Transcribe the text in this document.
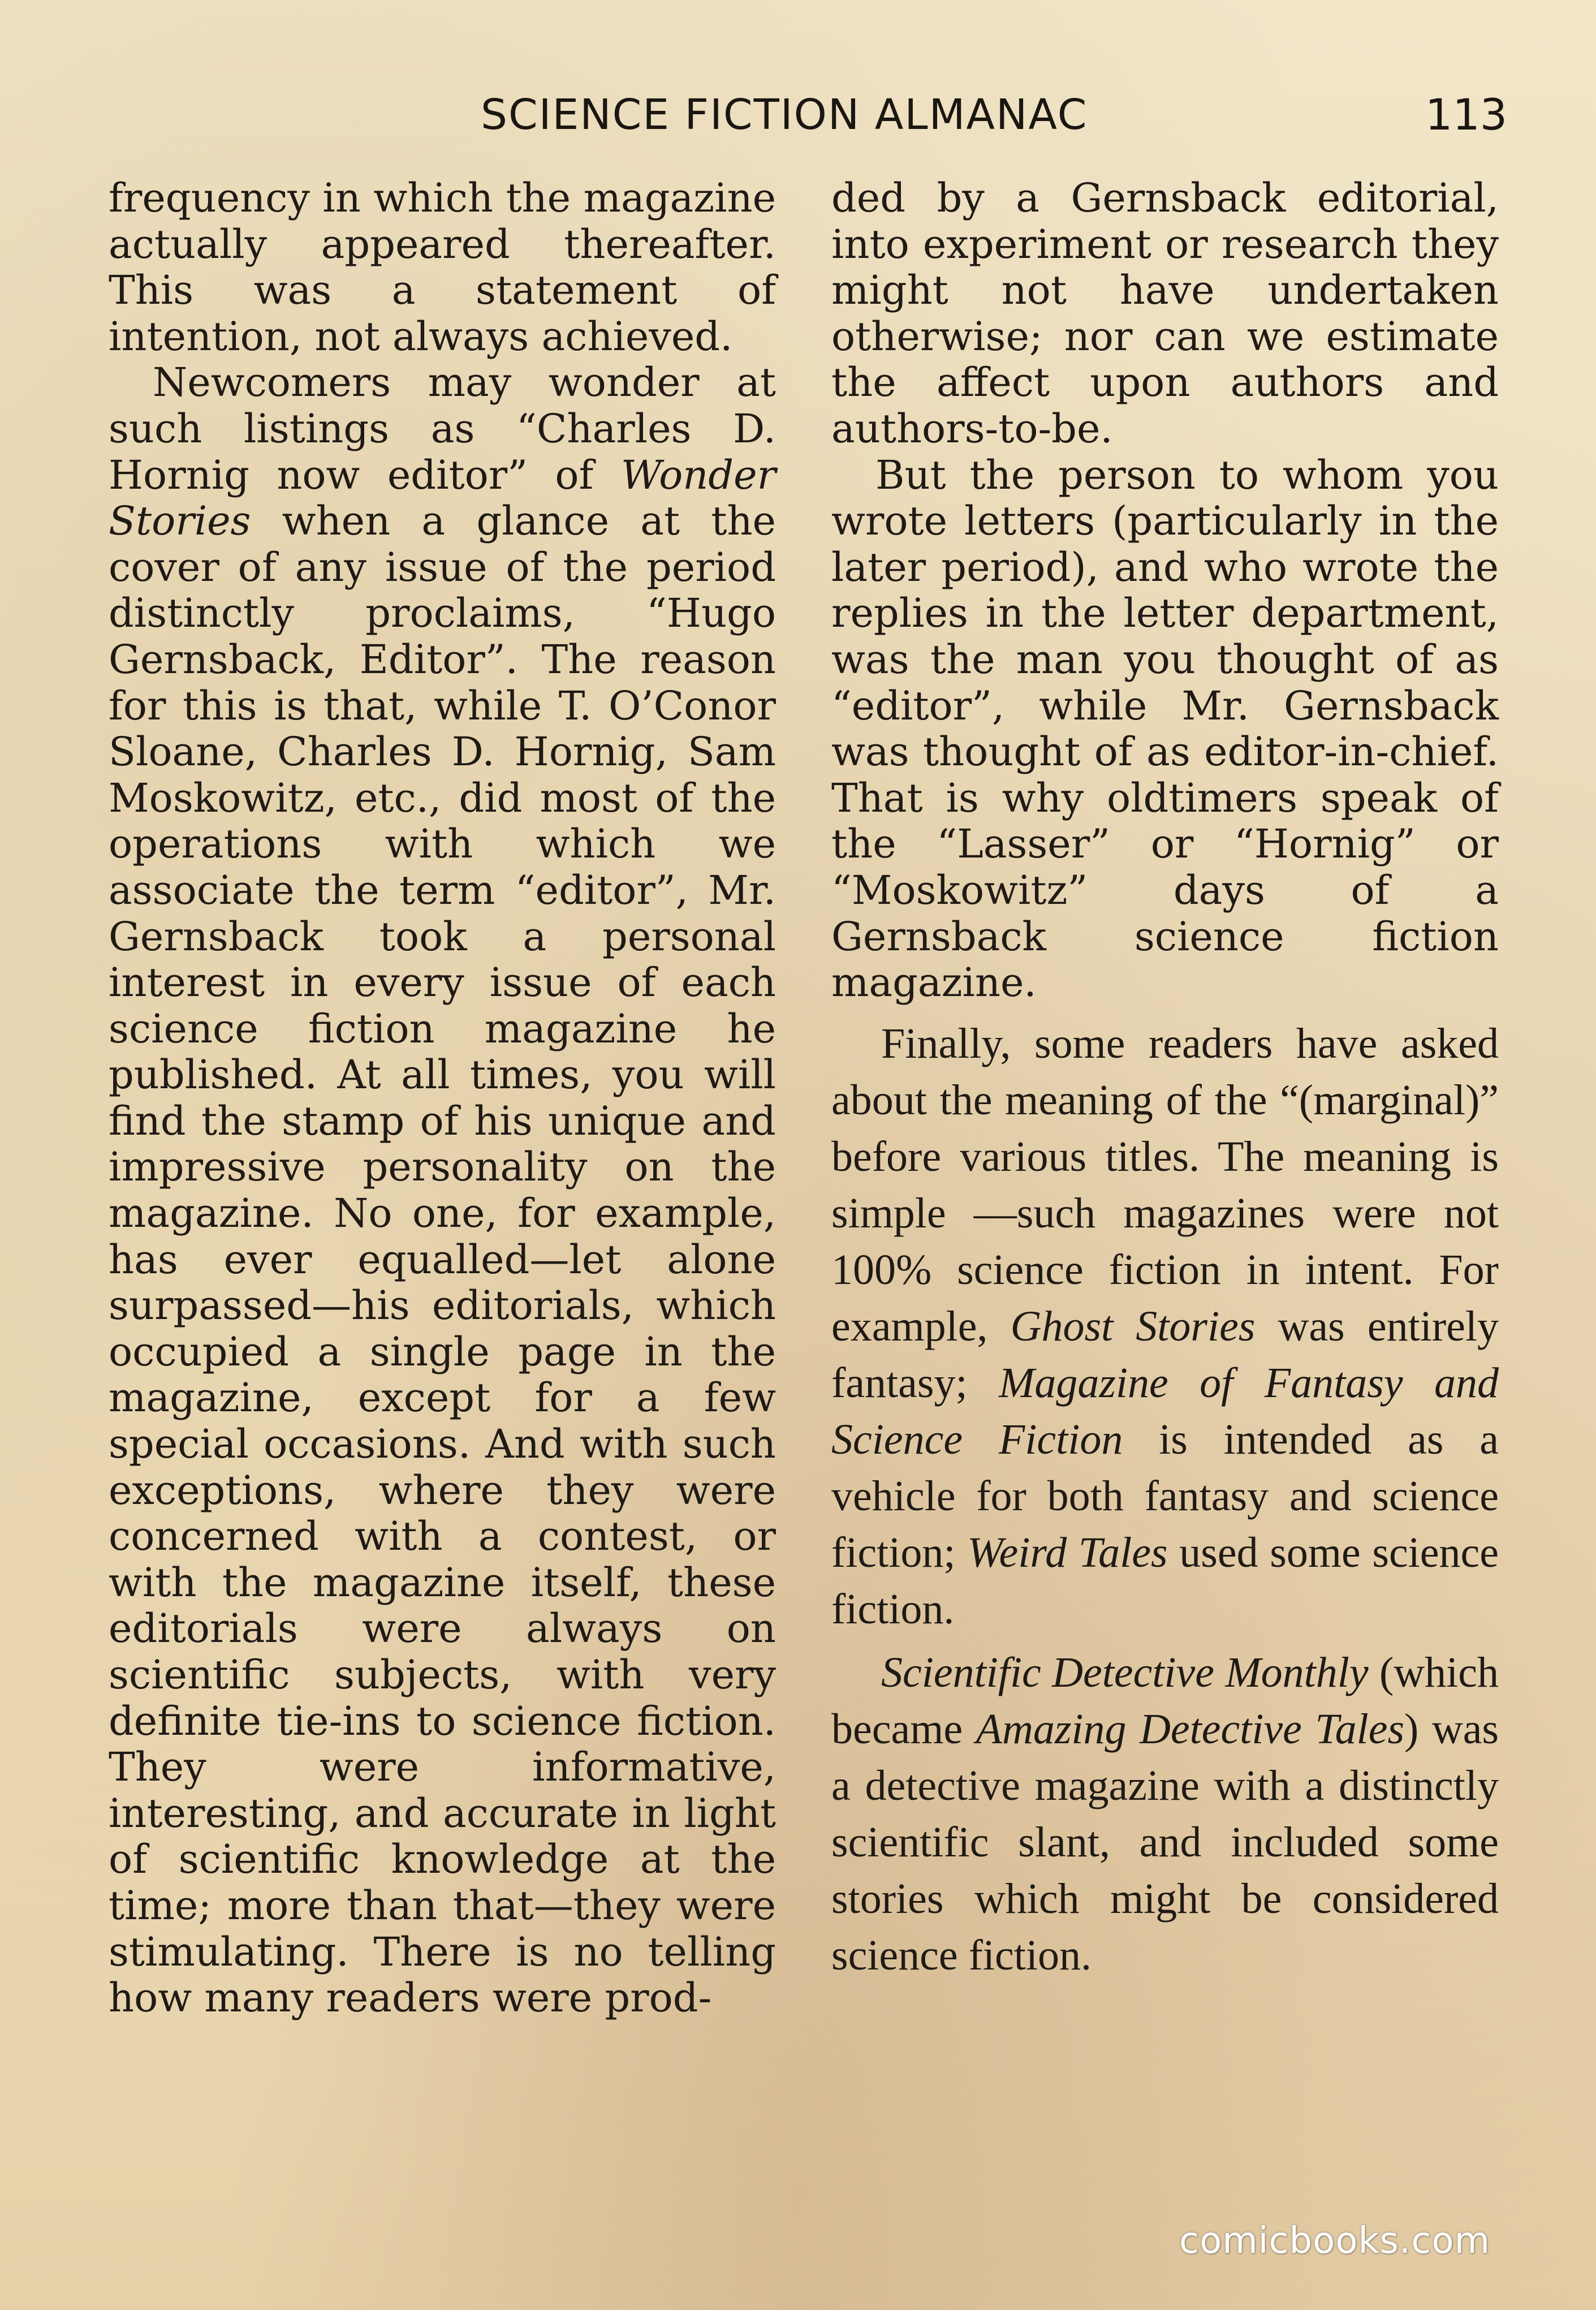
SCIENCE FICTION ALMANAC	113

frequency in which the magazine actually appeared thereafter. This was a statement of intention, not always achieved.

Newcomers may wonder at such listings as “Charles D. Hornig now editor” of Wonder Stories when a glance at the cover of any issue of the period distinctly proclaims, “Hugo Gernsback, Editor”. The reason for this is that, while T. O’Conor Sloane, Charles D. Hornig, Sam Moskowitz, etc., did most of the operations with which we associate the term “editor”, Mr. Gernsback took a personal interest in every issue of each science fiction magazine he published. At all times, you will find the stamp of his unique and impressive personality on the magazine. No one, for example, has ever equalled—let alone surpassed—his editorials, which occupied a single page in the magazine, except for a few special occasions. And with such exceptions, where they were concerned with a contest, or with the magazine itself, these editorials were always on scientific subjects, with very definite tie-ins to science fiction. They were informative, interesting, and accurate in light of scientific knowledge at the time; more than that—they were stimulating. There is no telling how many readers were prod-

ded by a Gernsback editorial, into experiment or research they might not have undertaken otherwise; nor can we estimate the affect upon authors and authors-to-be.

But the person to whom you wrote letters (particularly in the later period), and who wrote the replies in the letter department, was the man you thought of as “editor”, while Mr. Gernsback was thought of as editor-in-chief. That is why oldtimers speak of the “Lasser” or “Hornig” or “Moskowitz” days of a Gernsback science fiction magazine.

Finally, some readers have asked about the meaning of the “(marginal)” before various titles. The meaning is simple —such magazines were not 100% science fiction in intent. For example, Ghost Stories was entirely fantasy; Magazine of Fantasy and Science Fiction is intended as a vehicle for both fantasy and science fiction; Weird Tales used some science fiction.

Scientific Detective Monthly (which became Amazing Detective Tales) was a detective magazine with a distinctly scientific slant, and included some stories which might be considered science fiction.

comicbooks.com
